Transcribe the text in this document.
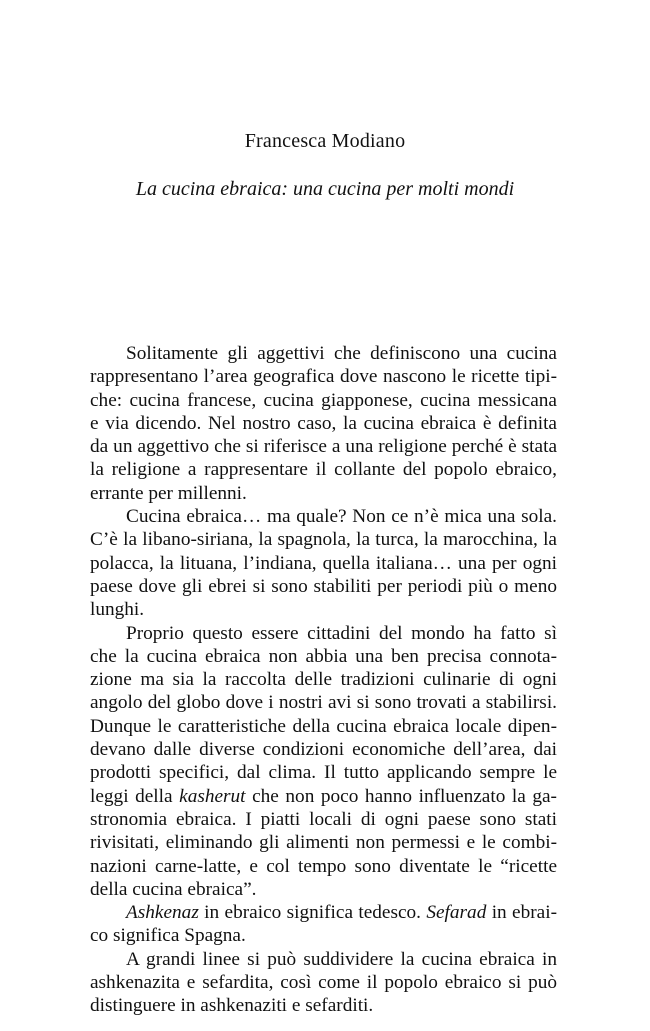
Francesca Modiano
La cucina ebraica: una cucina per molti mondi
Solitamente gli aggettivi che definiscono una cucina
rappresentano l’area geografica dove nascono le ricette tipi-
che: cucina francese, cucina giapponese, cucina messicana
e via dicendo. Nel nostro caso, la cucina ebraica è definita
da un aggettivo che si riferisce a una religione perché è stata
la religione a rappresentare il collante del popolo ebraico,
errante per millenni.
Cucina ebraica… ma quale? Non ce n’è mica una sola.
C’è la libano-siriana, la spagnola, la turca, la marocchina, la
polacca, la lituana, l’indiana, quella italiana… una per ogni
paese dove gli ebrei si sono stabiliti per periodi più o meno
lunghi.
Proprio questo essere cittadini del mondo ha fatto sì
che la cucina ebraica non abbia una ben precisa connota-
zione ma sia la raccolta delle tradizioni culinarie di ogni
angolo del globo dove i nostri avi si sono trovati a stabilirsi.
Dunque le caratteristiche della cucina ebraica locale dipen-
devano dalle diverse condizioni economiche dell’area, dai
prodotti specifici, dal clima. Il tutto applicando sempre le
leggi della kasherut che non poco hanno influenzato la ga-
stronomia ebraica. I piatti locali di ogni paese sono stati
rivisitati, eliminando gli alimenti non permessi e le combi-
nazioni carne-latte, e col tempo sono diventate le “ricette
della cucina ebraica”.
Ashkenaz in ebraico significa tedesco. Sefarad in ebrai-
co significa Spagna.
A grandi linee si può suddividere la cucina ebraica in
ashkenazita e sefardita, così come il popolo ebraico si può
distinguere in ashkenaziti e sefarditi.
